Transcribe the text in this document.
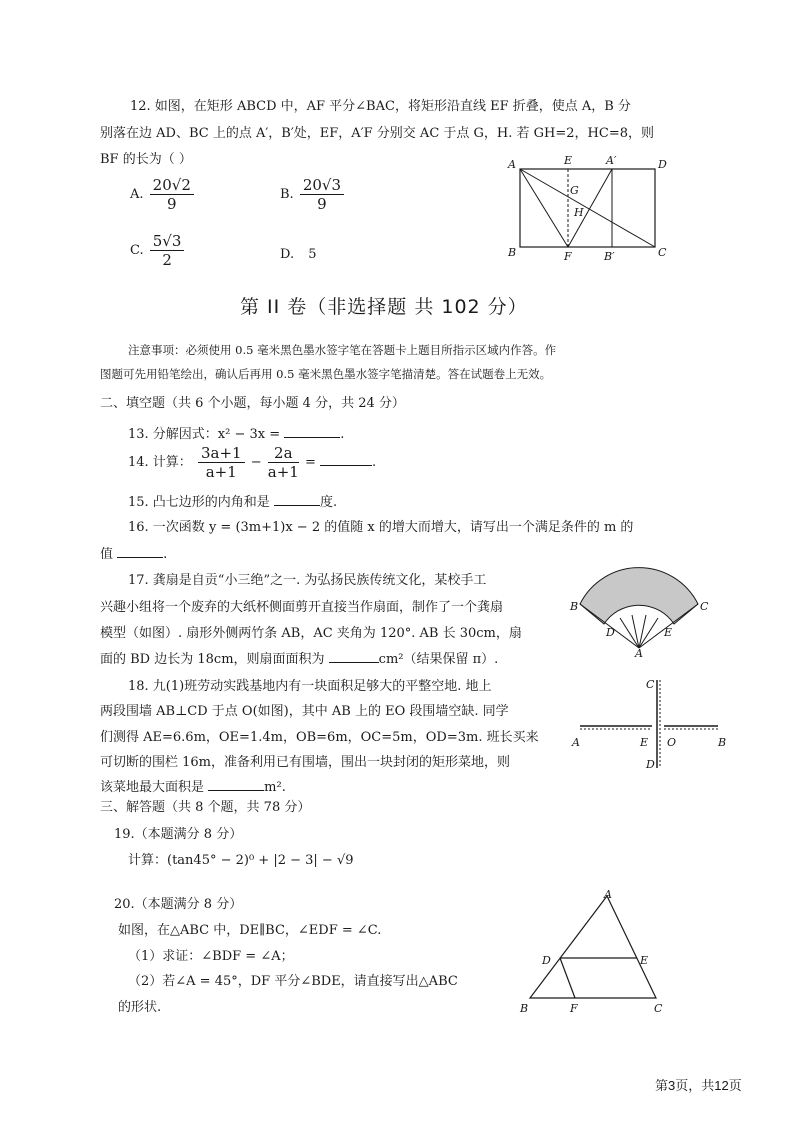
12. 如图，在矩形 ABCD 中，AF 平分∠BAC，将矩形沿直线 EF 折叠，使点 A，B 分
别落在边 AD、BC 上的点 A′，B′处，EF，A′F 分别交 AC 于点 G，H. 若 GH=2，HC=8，则
BF 的长为（ ）
A. $\frac{20√2}{9}$	B. $\frac{20√3}{9}$
C. $\frac{5√3}{2}$	D. 5
A	E	A′	D
G
H
B	F	B′	C
第 II 卷（非选择题 共 102 分）
注意事项：必须使用 0.5 毫米黑色墨水签字笔在答题卡上题目所指示区域内作答。作
图题可先用铅笔绘出，确认后再用 0.5 毫米黑色墨水签字笔描清楚。答在试题卷上无效。
二、填空题（共 6 个小题，每小题 4 分，共 24 分）
13. 分解因式：x² − 3x =	.
14. 计算： $\frac{3a+1}{a+1} - \frac{2a}{a+1}$ =	.
15. 凸七边形的内角和是	度.
16. 一次函数 y = (3m+1)x − 2 的值随 x 的增大而增大，请写出一个满足条件的 m 的
值	.
17. 龚扇是自贡“小三绝”之一. 为弘扬民族传统文化，某校手工
兴趣小组将一个废弃的大纸杯侧面剪开直接当作扇面，制作了一个龚扇
模型（如图）. 扇形外侧两竹条 AB，AC 夹角为 120°. AB 长 30cm，扇
面的 BD 边长为 18cm，则扇面面积为	cm²（结果保留 π）.
B	C
D	E
A
18. 九(1)班劳动实践基地内有一块面积足够大的平整空地. 地上
两段围墙 AB⊥CD 于点 O(如图)，其中 AB 上的 EO 段围墙空缺. 同学
们测得 AE=6.6m，OE=1.4m，OB=6m，OC=5m，OD=3m. 班长买来
可切断的围栏 16m，准备利用已有围墙，围出一块封闭的矩形菜地，则
该菜地最大面积是	m².
C
A	E O	B
D
三、解答题（共 8 个题，共 78 分）
19.（本题满分 8 分）
计算：(tan45° − 2)⁰ + |2 − 3| − √9
20.（本题满分 8 分）
如图，在△ABC 中，DE∥BC，∠EDF = ∠C.
（1）求证：∠BDF = ∠A；
（2）若∠A = 45°，DF 平分∠BDE，请直接写出△ABC
的形状.
A
D	E
B	F	C
第3页，共12页
